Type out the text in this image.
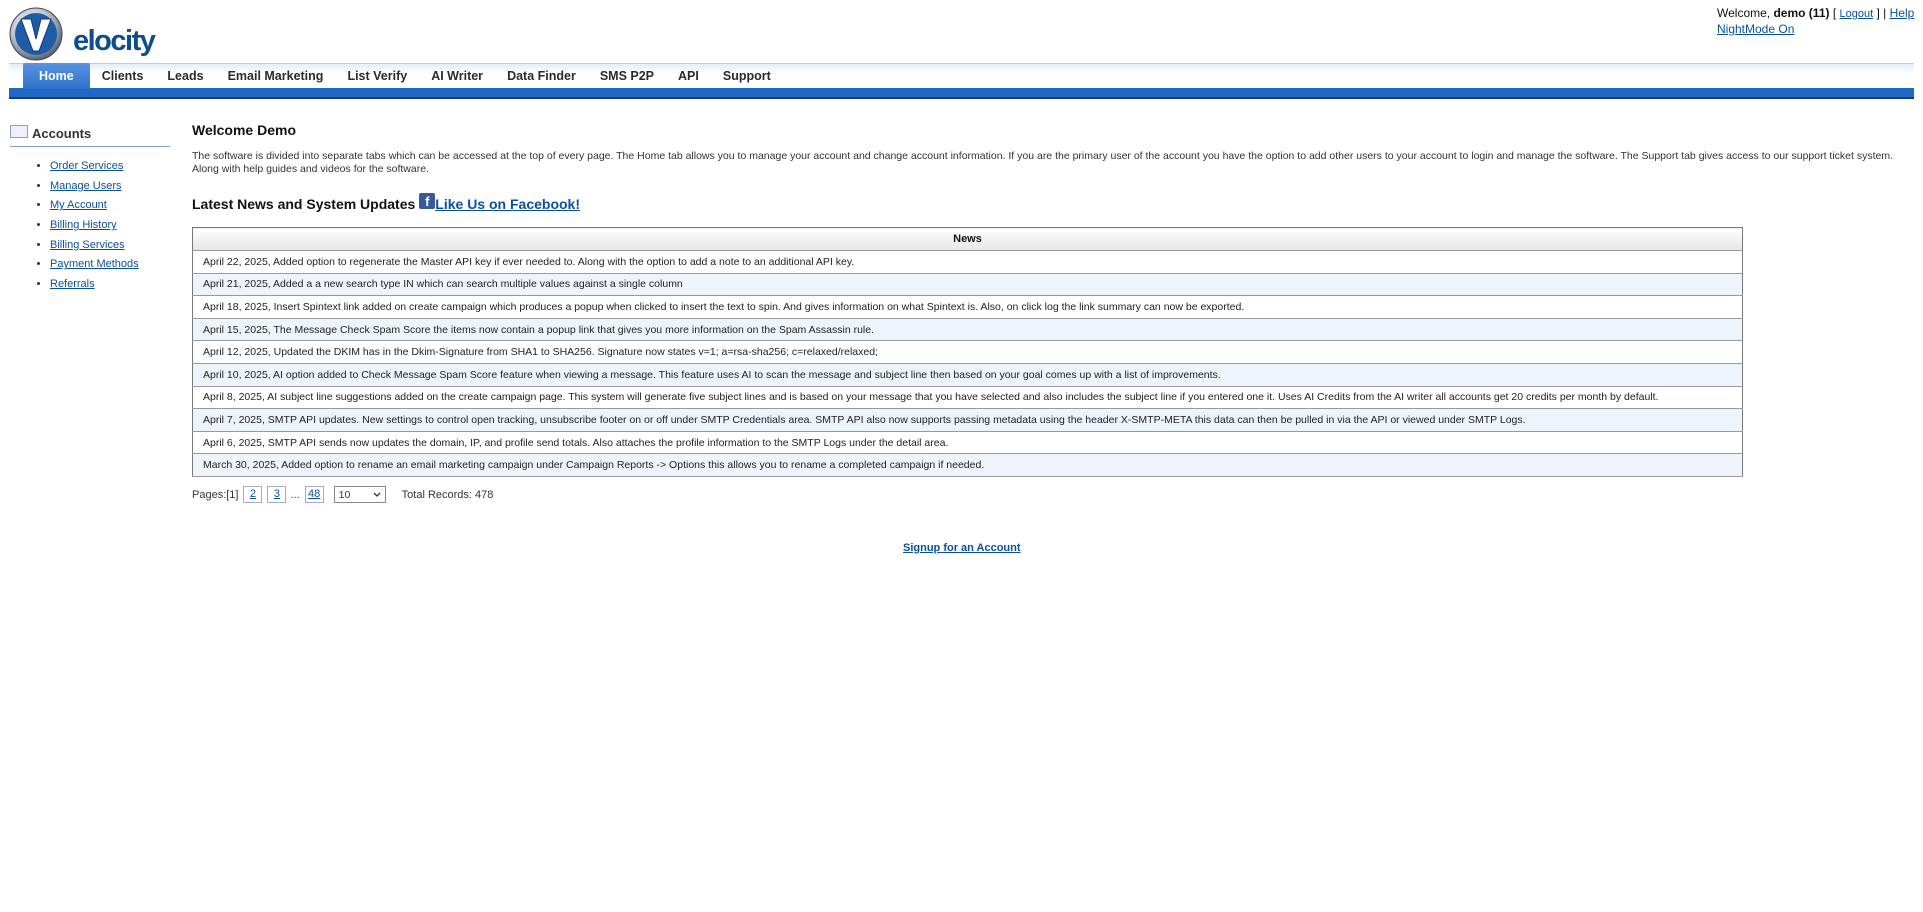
elocity
Welcome, demo (11) [ Logout ] | Help
NightMode On
Home	Clients	Leads	Email Marketing	List Verify	AI Writer	Data Finder	SMS P2P	API	Support
Accounts
• Order Services
• Manage Users
• My Account
• Billing History
• Billing Services
• Payment Methods
• Referrals
Welcome Demo
The software is divided into separate tabs which can be accessed at the top of every page. The Home tab allows you to manage your account and change account information. If you are the primary user of the account you have the option to add other users to your account to login and manage the software. The Support tab gives access to our support ticket system. Along with help guides and videos for the software.
Latest News and System Updates f Like Us on Facebook!
News
April 22, 2025, Added option to regenerate the Master API key if ever needed to. Along with the option to add a note to an additional API key.
April 21, 2025, Added a a new search type IN which can search multiple values against a single column
April 18, 2025, Insert Spintext link added on create campaign which produces a popup when clicked to insert the text to spin. And gives information on what Spintext is. Also, on click log the link summary can now be exported.
April 15, 2025, The Message Check Spam Score the items now contain a popup link that gives you more information on the Spam Assassin rule.
April 12, 2025, Updated the DKIM has in the Dkim-Signature from SHA1 to SHA256. Signature now states v=1; a=rsa-sha256; c=relaxed/relaxed;
April 10, 2025, AI option added to Check Message Spam Score feature when viewing a message. This feature uses AI to scan the message and subject line then based on your goal comes up with a list of improvements.
April 8, 2025, AI subject line suggestions added on the create campaign page. This system will generate five subject lines and is based on your message that you have selected and also includes the subject line if you entered one it. Uses AI Credits from the AI writer all accounts get 20 credits per month by default.
April 7, 2025, SMTP API updates. New settings to control open tracking, unsubscribe footer on or off under SMTP Credentials area. SMTP API also now supports passing metadata using the header X-SMTP-META this data can then be pulled in via the API or viewed under SMTP Logs.
April 6, 2025, SMTP API sends now updates the domain, IP, and profile send totals. Also attaches the profile information to the SMTP Logs under the detail area.
March 30, 2025, Added option to rename an email marketing campaign under Campaign Reports -> Options this allows you to rename a completed campaign if needed.
Pages: [1]	2	3 ... 48	10	Total Records: 478
Signup for an Account
